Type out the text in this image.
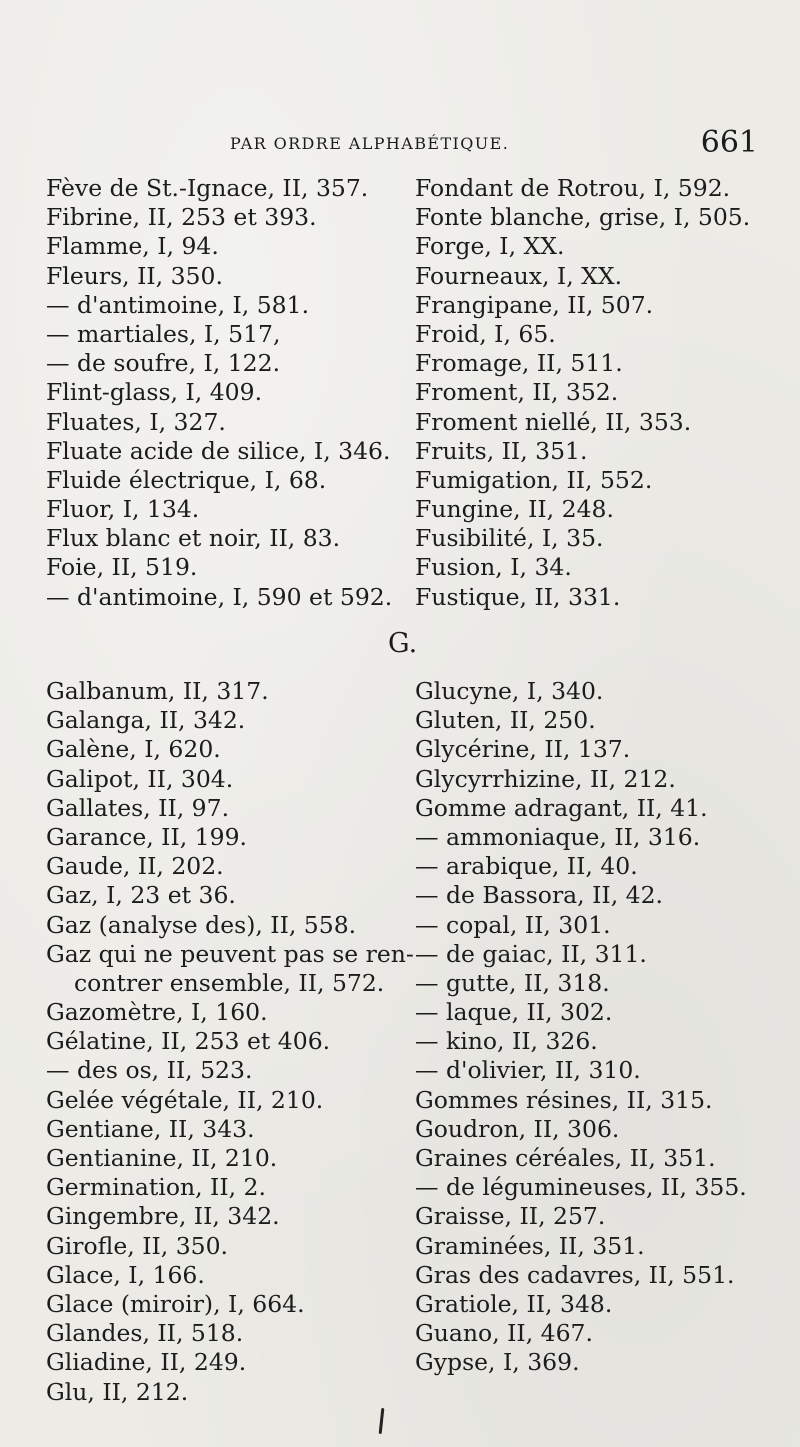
PAR ORDRE ALPHABÉTIQUE.	661
Fève de St.-Ignace, II, 357.
Fibrine, II, 253 et 393.
Flamme, I, 94.
Fleurs, II, 350.
— d'antimoine, I, 581.
— martiales, I, 517,
— de soufre, I, 122.
Flint-glass, I, 409.
Fluates, I, 327.
Fluate acide de silice, I, 346.
Fluide électrique, I, 68.
Fluor, I, 134.
Flux blanc et noir, II, 83.
Foie, II, 519.
— d'antimoine, I, 590 et 592.
Fondant de Rotrou, I, 592.
Fonte blanche, grise, I, 505.
Forge, I, XX.
Fourneaux, I, XX.
Frangipane, II, 507.
Froid, I, 65.
Fromage, II, 511.
Froment, II, 352.
Froment niellé, II, 353.
Fruits, II, 351.
Fumigation, II, 552.
Fungine, II, 248.
Fusibilité, I, 35.
Fusion, I, 34.
Fustique, II, 331.
G.
Galbanum, II, 317.
Galanga, II, 342.
Galène, I, 620.
Galipot, II, 304.
Gallates, II, 97.
Garance, II, 199.
Gaude, II, 202.
Gaz, I, 23 et 36.
Gaz (analyse des), II, 558.
Gaz qui ne peuvent pas se ren-
contrer ensemble, II, 572.
Gazomètre, I, 160.
Gélatine, II, 253 et 406.
— des os, II, 523.
Gelée végétale, II, 210.
Gentiane, II, 343.
Gentianine, II, 210.
Germination, II, 2.
Gingembre, II, 342.
Girofle, II, 350.
Glace, I, 166.
Glace (miroir), I, 664.
Glandes, II, 518.
Gliadine, II, 249.
Glu, II, 212.
Glucyne, I, 340.
Gluten, II, 250.
Glycérine, II, 137.
Glycyrrhizine, II, 212.
Gomme adragant, II, 41.
— ammoniaque, II, 316.
— arabique, II, 40.
— de Bassora, II, 42.
— copal, II, 301.
— de gaiac, II, 311.
— gutte, II, 318.
— laque, II, 302.
— kino, II, 326.
— d'olivier, II, 310.
Gommes résines, II, 315.
Goudron, II, 306.
Graines céréales, II, 351.
— de légumineuses, II, 355.
Graisse, II, 257.
Graminées, II, 351.
Gras des cadavres, II, 551.
Gratiole, II, 348.
Guano, II, 467.
Gypse, I, 369.
